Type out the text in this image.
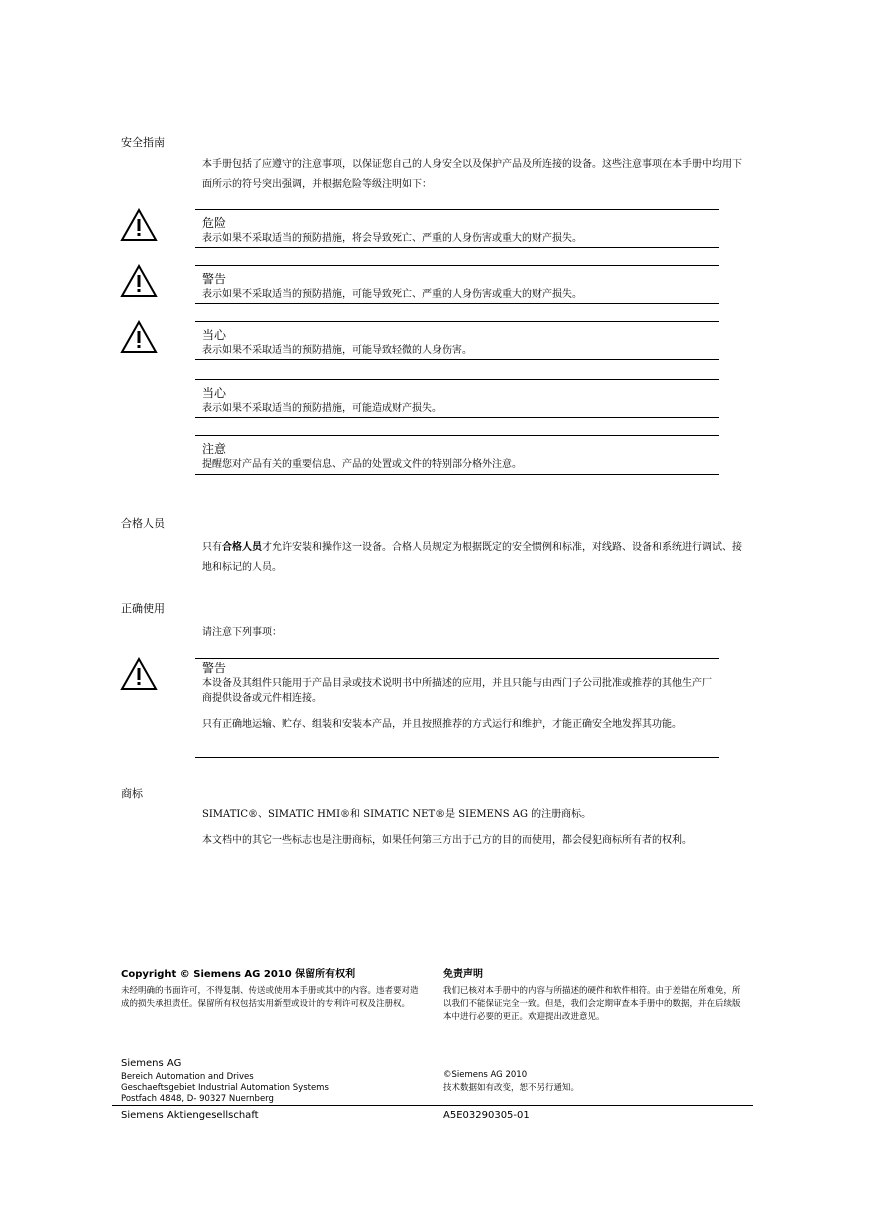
安全指南
本手册包括了应遵守的注意事项，以保证您自己的人身安全以及保护产品及所连接的设备。这些注意事项在本手册中均用下面所示的符号突出强调，并根据危险等级注明如下：
危险
表示如果不采取适当的预防措施，将会导致死亡、严重的人身伤害或重大的财产损失。
警告
表示如果不采取适当的预防措施，可能导致死亡、严重的人身伤害或重大的财产损失。
当心
表示如果不采取适当的预防措施，可能导致轻微的人身伤害。
当心
表示如果不采取适当的预防措施，可能造成财产损失。
注意
提醒您对产品有关的重要信息、产品的处置或文件的特别部分格外注意。
合格人员
只有合格人员才允许安装和操作这一设备。合格人员规定为根据既定的安全惯例和标准，对线路、设备和系统进行调试、接地和标记的人员。
正确使用
请注意下列事项：
警告
本设备及其组件只能用于产品目录或技术说明书中所描述的应用，并且只能与由西门子公司批准或推荐的其他生产厂商提供设备或元件相连接。
只有正确地运输、贮存、组装和安装本产品，并且按照推荐的方式运行和维护，才能正确安全地发挥其功能。
商标
SIMATIC®、SIMATIC HMI®和 SIMATIC NET®是 SIEMENS AG 的注册商标。
本文档中的其它一些标志也是注册商标，如果任何第三方出于己方的目的而使用，都会侵犯商标所有者的权利。
Copyright © Siemens AG 2010 保留所有权利
未经明确的书面许可，不得复制、传送或使用本手册或其中的内容。违者要对造成的损失承担责任。保留所有权包括实用新型或设计的专利许可权及注册权。
免责声明
我们已核对本手册中的内容与所描述的硬件和软件相符。由于差错在所难免，所以我们不能保证完全一致。但是，我们会定期审查本手册中的数据，并在后续版本中进行必要的更正。欢迎提出改进意见。
Siemens AG
Bereich Automation and Drives
Geschaeftsgebiet Industrial Automation Systems
Postfach 4848, D- 90327 Nuernberg
©Siemens AG 2010
技术数据如有改变，恕不另行通知。
Siemens Aktiengesellschaft	A5E03290305-01
